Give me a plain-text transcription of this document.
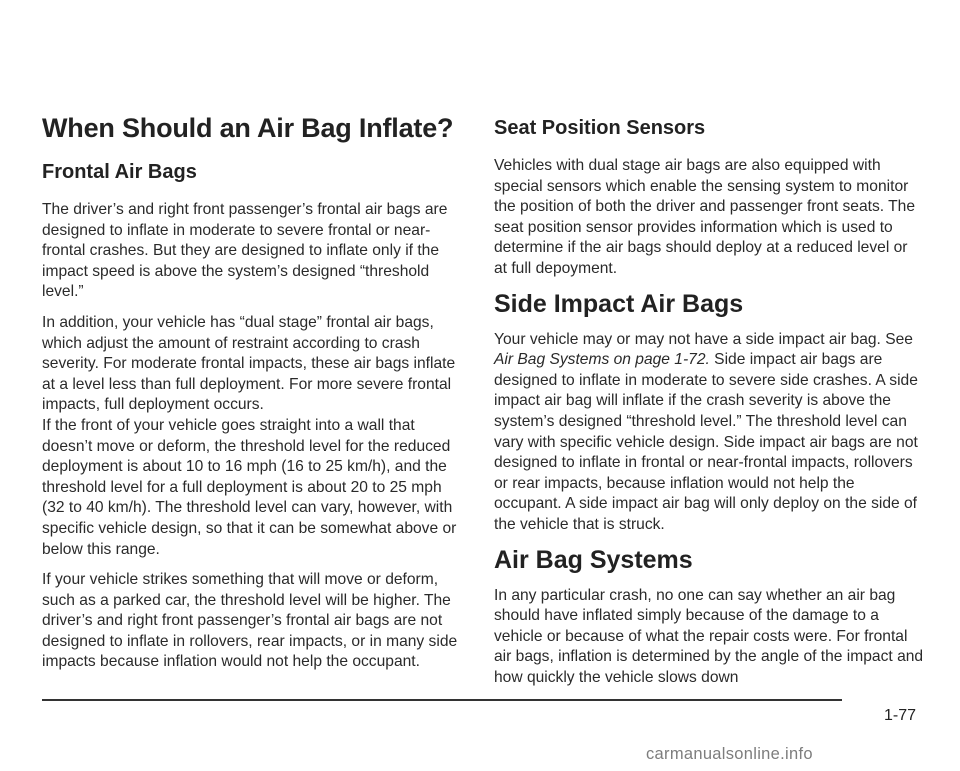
When Should an Air Bag Inflate?
Frontal Air Bags

The driver’s and right front passenger’s frontal air bags are designed to inflate in moderate to severe frontal or near-frontal crashes. But they are designed to inflate only if the impact speed is above the system’s designed “threshold level.”

In addition, your vehicle has “dual stage” frontal air bags, which adjust the amount of restraint according to crash severity. For moderate frontal impacts, these air bags inflate at a level less than full deployment. For more severe frontal impacts, full deployment occurs.

If the front of your vehicle goes straight into a wall that doesn’t move or deform, the threshold level for the reduced deployment is about 10 to 16 mph (16 to 25 km/h), and the threshold level for a full deployment is about 20 to 25 mph (32 to 40 km/h). The threshold level can vary, however, with specific vehicle design, so that it can be somewhat above or below this range.

If your vehicle strikes something that will move or deform, such as a parked car, the threshold level will be higher. The driver’s and right front passenger’s frontal air bags are not designed to inflate in rollovers, rear impacts, or in many side impacts because inflation would not help the occupant.

Seat Position Sensors

Vehicles with dual stage air bags are also equipped with special sensors which enable the sensing system to monitor the position of both the driver and passenger front seats. The seat position sensor provides information which is used to determine if the air bags should deploy at a reduced level or at full depoyment.

Side Impact Air Bags

Your vehicle may or may not have a side impact air bag. See Air Bag Systems on page 1-72. Side impact air bags are designed to inflate in moderate to severe side crashes. A side impact air bag will inflate if the crash severity is above the system’s designed “threshold level.” The threshold level can vary with specific vehicle design. Side impact air bags are not designed to inflate in frontal or near-frontal impacts, rollovers or rear impacts, because inflation would not help the occupant. A side impact air bag will only deploy on the side of the vehicle that is struck.

Air Bag Systems

In any particular crash, no one can say whether an air bag should have inflated simply because of the damage to a vehicle or because of what the repair costs were. For frontal air bags, inflation is determined by the angle of the impact and how quickly the vehicle slows down

1-77
carmanualsonline.info
